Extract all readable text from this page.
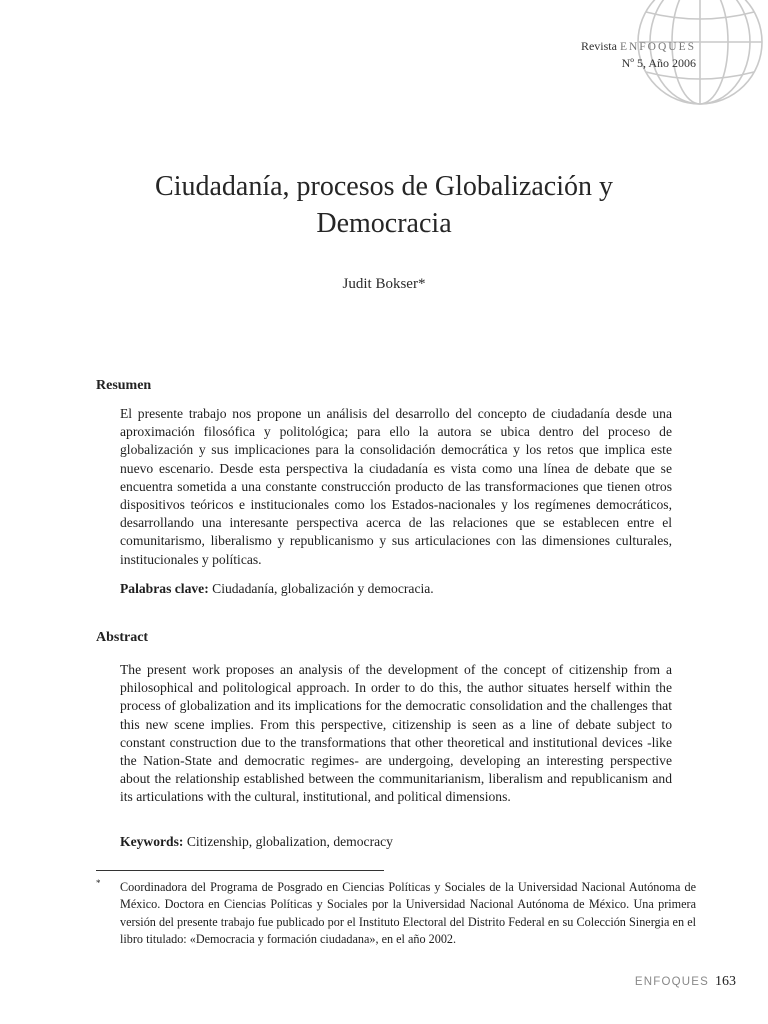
Revista ENFOQUES
Nº 5, Año 2006
Ciudadanía, procesos de Globalización y Democracia
Judit Bokser*
Resumen

El presente trabajo nos propone un análisis del desarrollo del concepto de ciudadanía desde una aproximación filosófica y politológica; para ello la autora se ubica dentro del proceso de globalización y sus implicaciones para la consolidación democrática y los retos que implica este nuevo escenario. Desde esta perspectiva la ciudadanía es vista como una línea de debate que se encuentra sometida a una constante construcción producto de las transformaciones que tienen otros dispositivos teóricos e institucionales como los Estados-nacionales y los regímenes democráticos, desarrollando una interesante perspectiva acerca de las relaciones que se establecen entre el comunitarismo, liberalismo y republicanismo y sus articulaciones con las dimensiones culturales, institucionales y políticas.

Palabras clave: Ciudadanía, globalización y democracia.
Abstract

The present work proposes an analysis of the development of the concept of citizenship from a philosophical and politological approach. In order to do this, the author situates herself within the process of globalization and its implications for the democratic consolidation and the challenges that this new scene implies. From this perspective, citizenship is seen as a line of debate subject to constant construction due to the transformations that other theoretical and institutional devices -like the Nation-State and democratic regimes- are undergoing, developing an interesting perspective about the relationship established between the communitarianism, liberalism and republicanism and its articulations with the cultural, institutional, and political dimensions.

Keywords: Citizenship, globalization, democracy
* Coordinadora del Programa de Posgrado en Ciencias Políticas y Sociales de la Universidad Nacional Autónoma de México. Doctora en Ciencias Políticas y Sociales por la Universidad Nacional Autónoma de México. Una primera versión del presente trabajo fue publicado por el Instituto Electoral del Distrito Federal en su Colección Sinergia en el libro titulado: «Democracia y formación ciudadana», en el año 2002.

ENFOQUES 163
